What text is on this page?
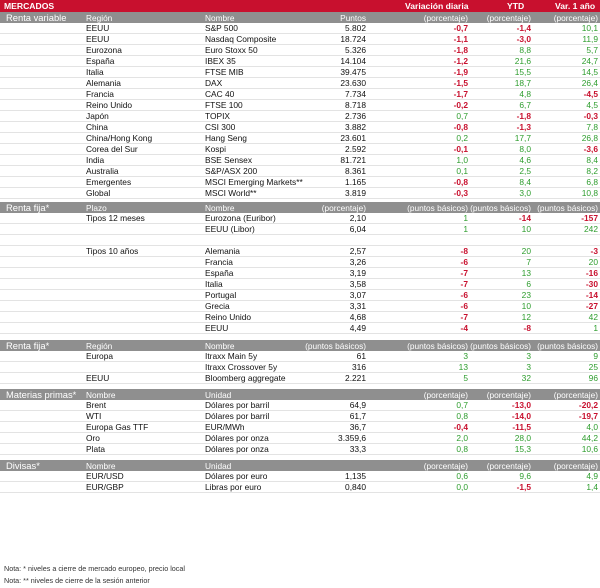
MERCADOS	Variación diaria	YTD	Var. 1 año
Renta variable Región	Nombre	Puntos	(porcentaje) (porcentaje)	(porcentaje)
EEUU	S&P 500	5.802	-0,7	-1,4	10,1
EEUU	Nasdaq Composite	18.724	-1,1	-3,0	11,9
Eurozona	Euro Stoxx 50	5.326	-1,8	8,8	5,7
España	IBEX 35	14.104	-1,2	21,6	24,7
Italia	FTSE MIB	39.475	-1,9	15,5	14,5
Alemania	DAX	23.630	-1,5	18,7	26,4
Francia	CAC 40	7.734	-1,7	4,8	-4,5
Reino Unido	FTSE 100	8.718	-0,2	6,7	4,5
Japón	TOPIX	2.736	0,7	-1,8	-0,3
China	CSI 300	3.882	-0,8	-1,3	7,8
China/Hong Kong	Hang Seng	23.601	0,2	17,7	26,8
Corea del Sur	Kospi	2.592	-0,1	8,0	-3,6
India	BSE Sensex	81.721	1,0	4,6	8,4
Australia	S&P/ASX 200	8.361	0,1	2,5	8,2
Emergentes	MSCI Emerging Markets**	1.165	-0,8	8,4	6,8
Global	MSCI World**	3.819	-0,3	3,0	10,8
Renta fija*	Plazo	Nombre	(porcentaje)	(puntos básicos) (puntos básicos) (puntos básicos)
Tipos 12 meses	Eurozona (Euribor)	2,10	1	-14	-157
EEUU (Libor)	6,04	1	10	242
Tipos 10 años	Alemania	2,57	-8	20	-3
Francia	3,26	-6	7	20
España	3,19	-7	13	-16
Italia	3,58	-7	6	-30
Portugal	3,07	-6	23	-14
Grecia	3,31	-6	10	-27
Reino Unido	4,68	-7	12	42
EEUU	4,49	-4	-8	1
Renta fija*	Región	Nombre	(puntos básicos)	(puntos básicos) (puntos básicos) (puntos básicos)
Europa	Itraxx Main 5y	61	3	3	9
Itraxx Crossover 5y	316	13	3	25
EEUU	Bloomberg aggregate	2.221	5	32	96
Materias primas* Nombre	Unidad	(porcentaje) (porcentaje)	(porcentaje)
Brent	Dólares por barril	64,9	0,7	-13,0	-20,2
WTI	Dólares por barril	61,7	0,8	-14,0	-19,7
Europa Gas TTF	EUR/MWh	36,7	-0,4	-11,5	4,0
Oro	Dólares por onza	3.359,6	2,0	28,0	44,2
Plata	Dólares por onza	33,3	0,8	15,3	10,6
Divisas*	Nombre	Unidad	(porcentaje) (porcentaje)	(porcentaje)
EUR/USD	Dólares por euro	1,135	0,6	9,6	4,9
EUR/GBP	Libras por euro	0,840	0,0	-1,5	1,4
Nota: * niveles a cierre de mercado europeo, precio local
Nota: ** niveles de cierre de la sesión anterior
